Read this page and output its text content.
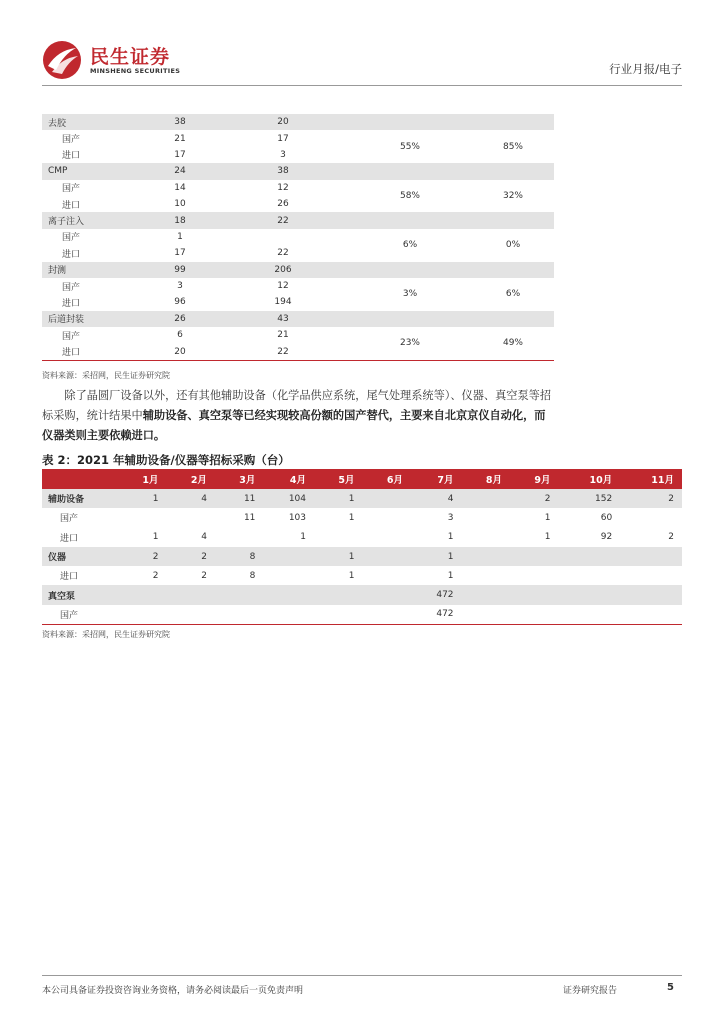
民生证券
MINSHENG SECURITIES	行业月报/电子
去胶	38	20		
国产	21	17	55%	85%
进口	17	3		
CMP	24	38		
国产	14	12	58%	32%
进口	10	26		
离子注入	18	22		
国产	1		6%	0%
进口	17	22		
封测	99	206		
国产	3	12	3%	6%
进口	96	194		
后道封装	26	43		
国产	6	21	23%	49%
进口	20	22		
资料来源：采招网，民生证券研究院

除了晶圆厂设备以外，还有其他辅助设备（化学品供应系统，尾气处理系统等）、仪器、真空泵等招标采购，统计结果中辅助设备、真空泵等已经实现较高份额的国产替代，主要来自北京京仪自动化，而仪器类则主要依赖进口。

表 2：2021 年辅助设备/仪器等招标采购（台）
	1月	2月	3月	4月	5月	6月	7月	8月	9月	10月	11月
辅助设备	1	4	11	104	1		4		2	152	2
国产			11	103	1		3		1	60	
进口	1	4		1			1		1	92	2
仪器	2	2	8		1		1				
进口	2	2	8		1		1				
真空泵							472				
国产							472				
资料来源：采招网，民生证券研究院
本公司具备证券投资咨询业务资格，请务必阅读最后一页免责声明	证券研究报告	5
